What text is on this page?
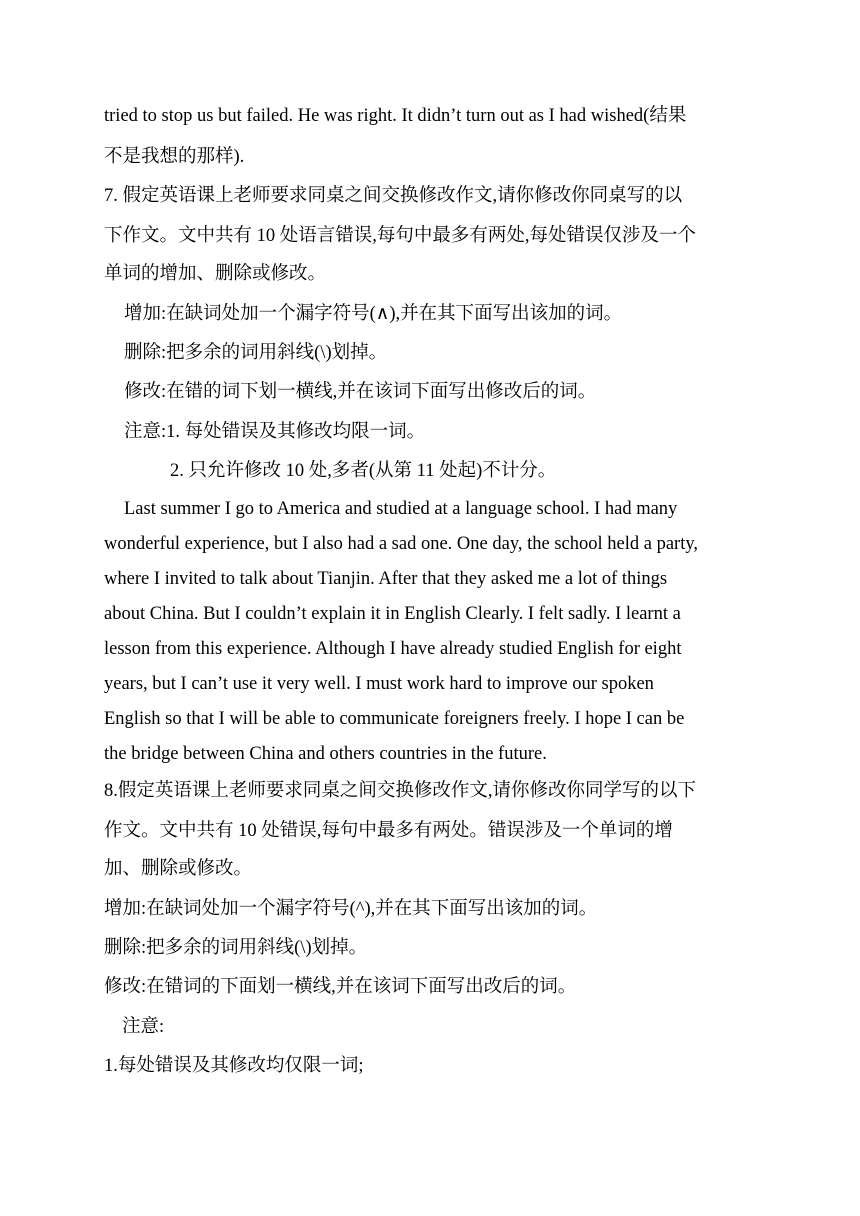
tried to stop us but failed. He was right. It didn’t turn out as I had wished(结果
不是我想的那样).
7. 假定英语课上老师要求同桌之间交换修改作文,请你修改你同桌写的以
下作文。文中共有 10 处语言错误,每句中最多有两处,每处错误仅涉及一个
单词的增加、删除或修改。
增加:在缺词处加一个漏字符号(∧),并在其下面写出该加的词。
删除:把多余的词用斜线(\)划掉。
修改:在错的词下划一横线,并在该词下面写出修改后的词。
注意:1. 每处错误及其修改均限一词。
2. 只允许修改 10 处,多者(从第 11 处起)不计分。
Last summer I go to America and studied at a language school. I had many
wonderful experience, but I also had a sad one. One day, the school held a party,
where I invited to talk about Tianjin. After that they asked me a lot of things
about China. But I couldn’t explain it in English Clearly. I felt sadly. I learnt a
lesson from this experience. Although I have already studied English for eight
years, but I can’t use it very well. I must work hard to improve our spoken
English so that I will be able to communicate foreigners freely. I hope I can be
the bridge between China and others countries in the future.
8.假定英语课上老师要求同桌之间交换修改作文,请你修改你同学写的以下
作文。文中共有 10 处错误,每句中最多有两处。错误涉及一个单词的增
加、删除或修改。
增加:在缺词处加一个漏字符号(^),并在其下面写出该加的词。
删除:把多余的词用斜线(\)划掉。
修改:在错词的下面划一横线,并在该词下面写出改后的词。
注意:
1.每处错误及其修改均仅限一词;
